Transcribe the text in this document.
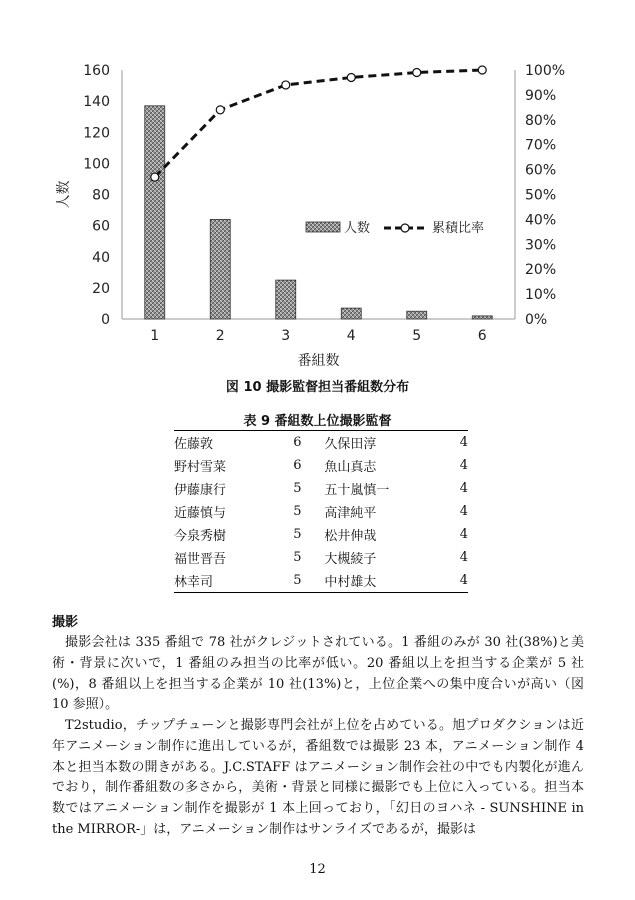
0
20
40
60
80
100
120
140
160
0%
10%
20%
30%
40%
50%
60%
70%
80%
90%
100%
1	2	3	4	5	6
番組数
人数
人数	累積比率
図 10 撮影監督担当番組数分布
表 9 番組数上位撮影監督
佐藤敦	6	久保田淳	4
野村雪菜	6	魚山真志	4
伊藤康行	5	五十嵐慎一	4
近藤慎与	5	高津純平	4
今泉秀樹	5	松井伸哉	4
福世晋吾	5	大槻綾子	4
林幸司	5	中村雄太	4
撮影

撮影会社は 335 番組で 78 社がクレジットされている。1 番組のみが 30 社(38%)と美術・背景に次いで，1 番組のみ担当の比率が低い。20 番組以上を担当する企業が 5 社(%)，8 番組以上を担当する企業が 10 社(13%)と，上位企業への集中度合いが高い（図 10 参照）。

T2studio，チップチューンと撮影専門会社が上位を占めている。旭プロダクションは近年アニメーション制作に進出しているが，番組数では撮影 23 本，アニメーション制作 4 本と担当本数の開きがある。J.C.STAFF はアニメーション制作会社の中でも内製化が進んでおり，制作番組数の多さから，美術・背景と同様に撮影でも上位に入っている。担当本数ではアニメーション制作を撮影が 1 本上回っており，「幻日のヨハネ - SUNSHINE in the MIRROR-」は，アニメーション制作はサンライズであるが，撮影は

12
